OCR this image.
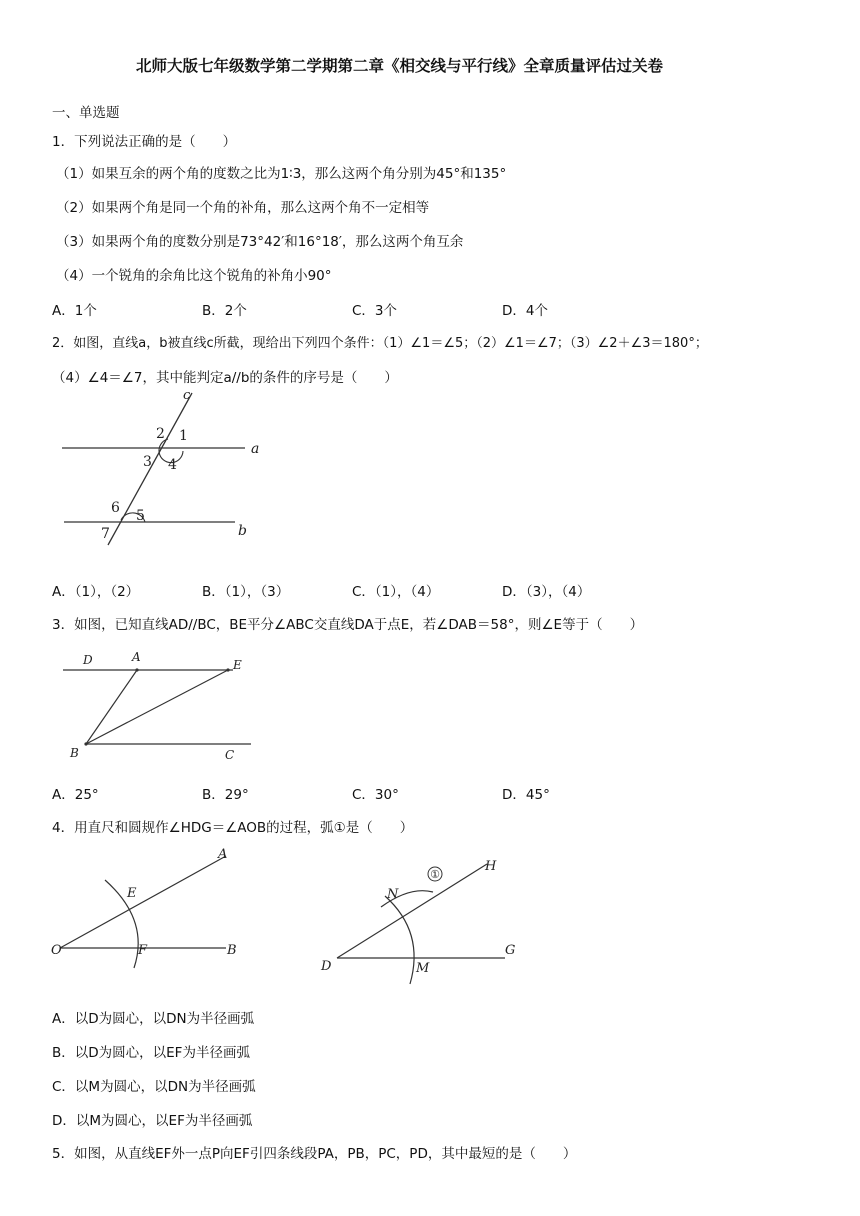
北师大版七年级数学第二学期第二章《相交线与平行线》全章质量评估过关卷
一、单选题
1．下列说法正确的是（　　）
（1）如果互余的两个角的度数之比为1∶3，那么这两个角分别为45°和135°
（2）如果两个角是同一个角的补角，那么这两个角不一定相等
（3）如果两个角的度数分别是73°42′和16°18′，那么这两个角互余
（4）一个锐角的余角比这个锐角的补角小90°
A．1个	B．2个	C．3个	D．4个
2．如图，直线a，b被直线c所截，现给出下列四个条件：（1）∠1＝∠5；（2）∠1＝∠7；（3）∠2＋∠3＝180°；
（4）∠4＝∠7，其中能判定a//b的条件的序号是（　　）
c
a
b
1
2
3 4
5
6
7
A．（1），（2）	B．（1），（3）	C．（1），（4）	D．（3），（4）
3．如图，已知直线AD//BC，BE平分∠ABC交直线DA于点E，若∠DAB＝58°，则∠E等于（　　）
D	A
E
B	C
A．25°	B．29°	C．30°	D．45°
4．用直尺和圆规作∠HDG＝∠AOB的过程，弧①是（　　）
A
E
O	F	B
①
H
N
D	M
G
A．以D为圆心，以DN为半径画弧
B．以D为圆心，以EF为半径画弧
C．以M为圆心，以DN为半径画弧
D．以M为圆心，以EF为半径画弧
5．如图，从直线EF外一点P向EF引四条线段PA，PB，PC，PD，其中最短的是（　　）
